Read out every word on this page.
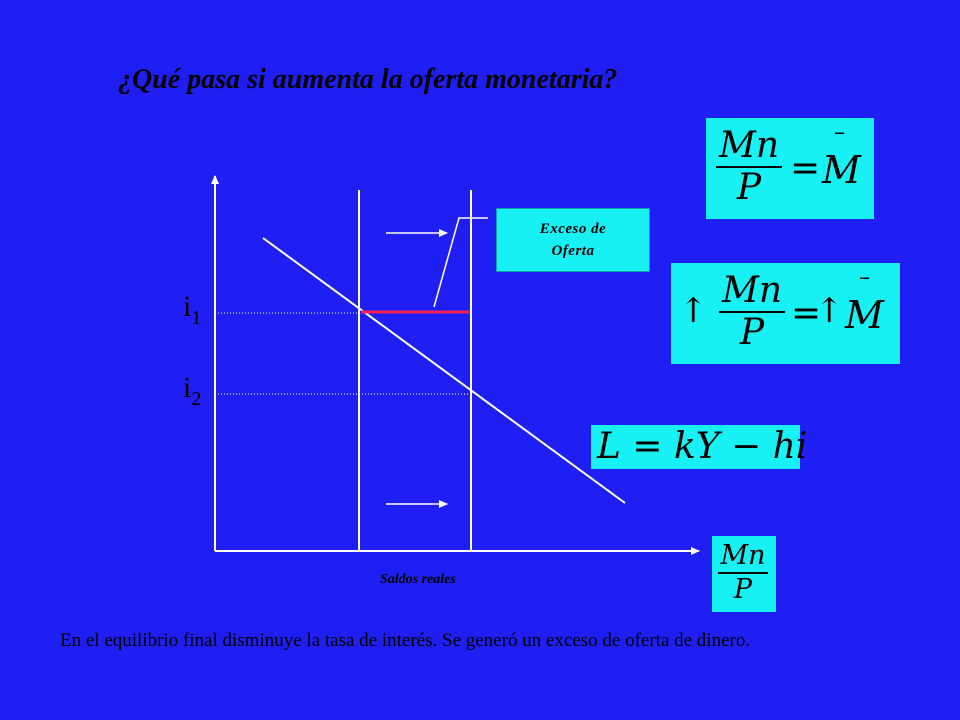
¿Qué pasa si aumenta la oferta monetaria?
Exceso de
Oferta
$i_1$
$i_2$
Saldos reales
Mn
P =
–
M
↑ Mn
P =
↑
–
M
L = kY − hi
Mn
P
En el equilibrio final disminuye la tasa de interés. Se generó un exceso de oferta de dinero.
